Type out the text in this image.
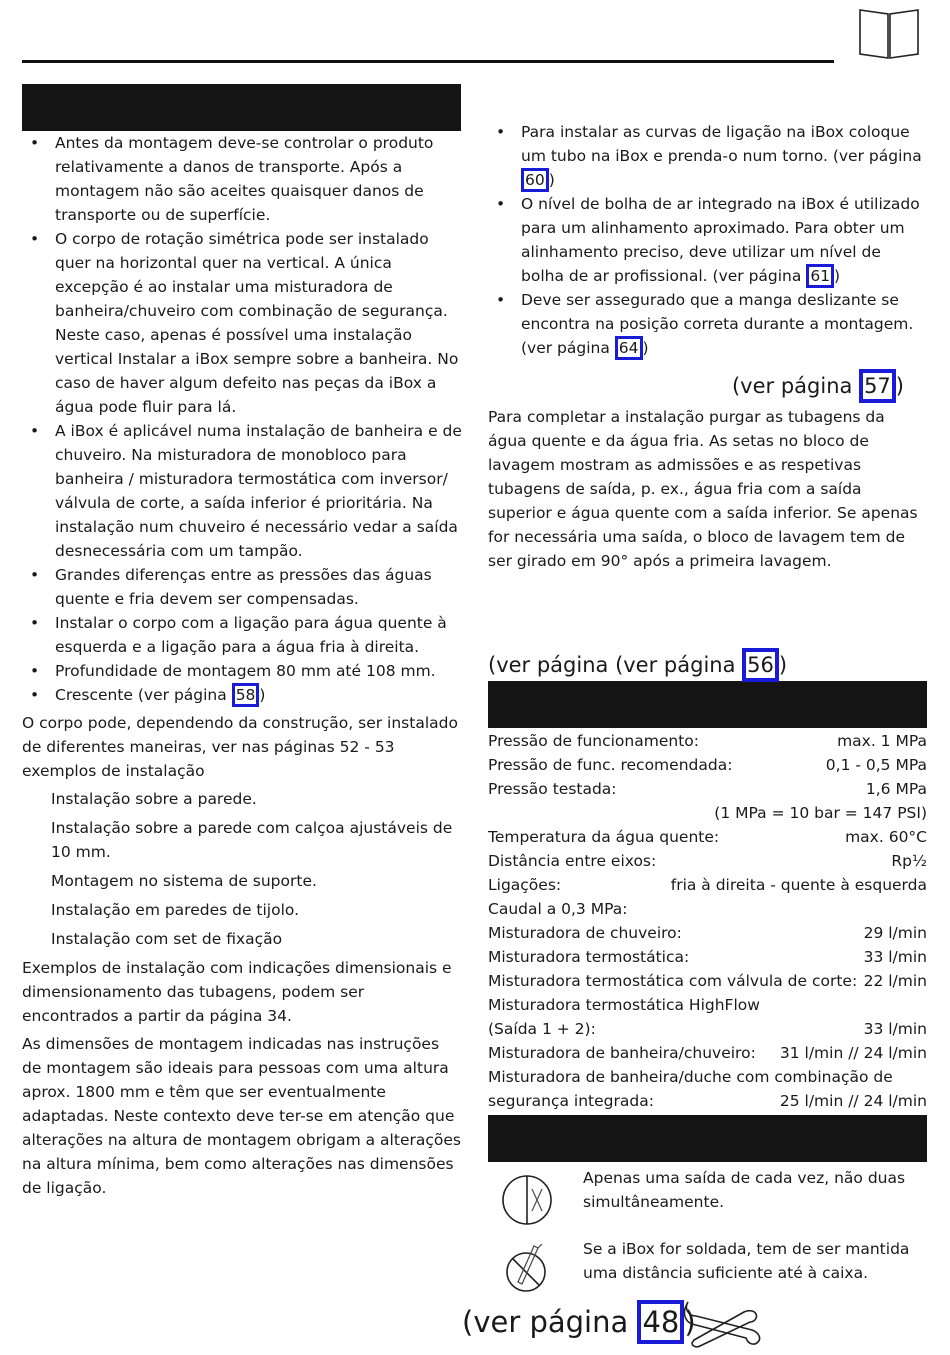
• Antes da montagem deve-se controlar o produto relativamente a danos de transporte. Após a montagem não são aceites quaisquer danos de transporte ou de superfície.
• O corpo de rotação simétrica pode ser instalado quer na horizontal quer na vertical. A única excepção é ao instalar uma misturadora de banheira/chuveiro com combinação de segurança. Neste caso, apenas é possível uma instalação vertical Instalar a iBox sempre sobre a banheira. No caso de haver algum defeito nas peças da iBox a água pode fluir para lá.
• A iBox é aplicável numa instalação de banheira e de chuveiro. Na misturadora de monobloco para banheira / misturadora termostática com inversor/ válvula de corte, a saída inferior é prioritária. Na instalação num chuveiro é necessário vedar a saída desnecessária com um tampão.
• Grandes diferenças entre as pressões das águas quente e fria devem ser compensadas.
• Instalar o corpo com a ligação para água quente à esquerda e a ligação para a água fria à direita.
• Profundidade de montagem 80 mm até 108 mm.
• Crescente (ver página 58 )

O corpo pode, dependendo da construção, ser instalado de diferentes maneiras, ver nas páginas 52 - 53 exemplos de instalação

Instalação sobre a parede.

Instalação sobre a parede com calçoa ajustáveis de 10 mm.

Montagem no sistema de suporte.

Instalação em paredes de tijolo.

Instalação com set de fixação

Exemplos de instalação com indicações dimensionais e dimensionamento das tubagens, podem ser encontrados a partir da página 34.

As dimensões de montagem indicadas nas instruções de montagem são ideais para pessoas com uma altura aprox. 1800 mm e têm que ser eventualmente adaptadas. Neste contexto deve ter-se em atenção que alterações na altura de montagem obrigam a alterações na altura mínima, bem como alterações nas dimensões de ligação.

• Para instalar as curvas de ligação na iBox coloque um tubo na iBox e prenda-o num torno. (ver página 60 )
• O nível de bolha de ar integrado na iBox é utilizado para um alinhamento aproximado. Para obter um alinhamento preciso, deve utilizar um nível de bolha de ar profissional. (ver página 61 )
• Deve ser assegurado que a manga deslizante se encontra na posição correta durante a montagem. (ver página 64 )
(ver página 57 )
Para completar a instalação purgar as tubagens da água quente e da água fria. As setas no bloco de lavagem mostram as admissões e as respetivas tubagens de saída, p. ex., água fria com a saída superior e água quente com a saída inferior. Se apenas for necessária uma saída, o bloco de lavagem tem de ser girado em 90° após a primeira lavagem.
(ver página (ver página 56 )
Pressão de funcionamento:	max. 1 MPa
Pressão de func. recomendada:	0,1 - 0,5 MPa
Pressão testada:	1,6 MPa
(1 MPa = 10 bar = 147 PSI)
Temperatura da água quente:	max. 60°C
Distância entre eixos:	Rp½
Ligações:	fria à direita - quente à esquerda
Caudal a 0,3 MPa:
Misturadora de chuveiro:	29 l/min
Misturadora termostática:	33 l/min
Misturadora termostática com válvula de corte: 22 l/min
Misturadora termostática HighFlow
(Saída 1 + 2):	33 l/min
Misturadora de banheira/chuveiro: 31 l/min // 24 l/min
Misturadora de banheira/duche com combinação de
segurança integrada:	25 l/min // 24 l/min
Apenas uma saída de cada vez, não duas simultâneamente.
Se a iBox for soldada, tem de ser mantida uma distância suficiente até à caixa.
(ver página 48 )
